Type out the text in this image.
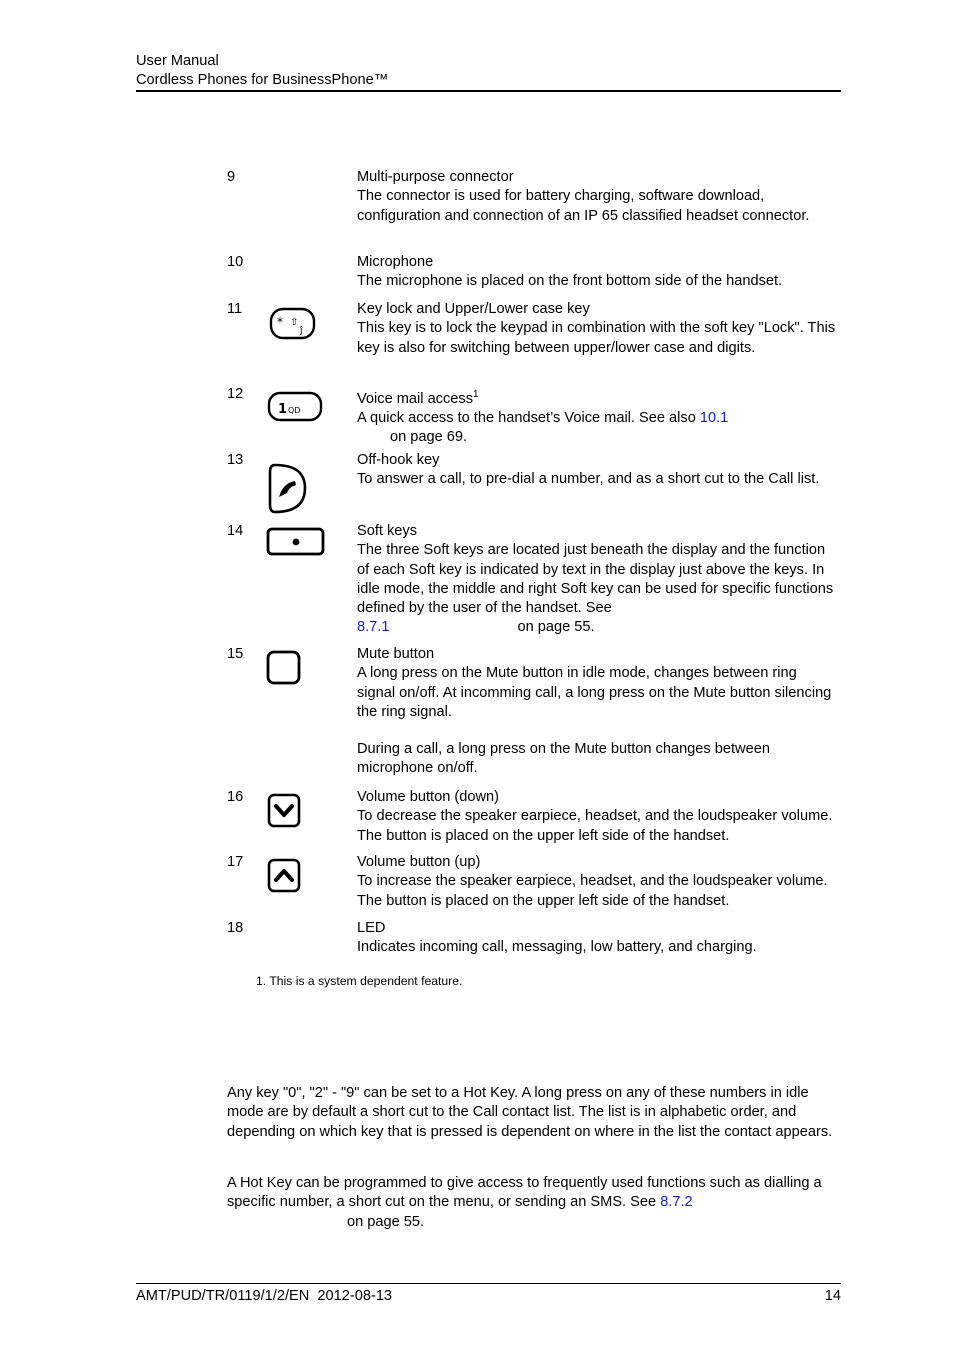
User Manual
Cordless Phones for BusinessPhone™
9	Multi-purpose connector

The connector is used for battery charging, software download, configuration and connection of an IP 65 classified headset connector.

10	Microphone

The microphone is placed on the front bottom side of the handset.

11
* ⇧
ĵ

Key lock and Upper/Lower case key

This key is to lock the keypad in combination with the soft key "Lock". This key is also for switching between upper/lower case and digits.

12
1 QD

Voice mail access$^1$

A quick access to the handset’s Voice mail. See also 10.1
on page 69.

13	Off-hook key

To answer a call, to pre-dial a number, and as a short cut to the Call list.

14	Soft keys

The three Soft keys are located just beneath the display and the function of each Soft key is indicated by text in the display just above the keys. In idle mode, the middle and right Soft key can be used for specific functions defined by the user of the handset. See
8.7.1	on page 55.

15	Mute button

A long press on the Mute button in idle mode, changes between ring signal on/off. At incomming call, a long press on the Mute button silencing the ring signal.

During a call, a long press on the Mute button changes between microphone on/off.

16	Volume button (down)

To decrease the speaker earpiece, headset, and the loudspeaker volume. The button is placed on the upper left side of the handset.

17	Volume button (up)

To increase the speaker earpiece, headset, and the loudspeaker volume. The button is placed on the upper left side of the handset.

18	LED

Indicates incoming call, messaging, low battery, and charging.

1. This is a system dependent feature.

Any key "0", "2" - "9" can be set to a Hot Key. A long press on any of these numbers in idle mode are by default a short cut to the Call contact list. The list is in alphabetic order, and depending on which key that is pressed is dependent on where in the list the contact appears.

A Hot Key can be programmed to give access to frequently used functions such as dialling a specific number, a short cut on the menu, or sending an SMS. See 8.7.2
on page 55.

AMT/PUD/TR/0119/1/2/EN  2012-08-13	14
